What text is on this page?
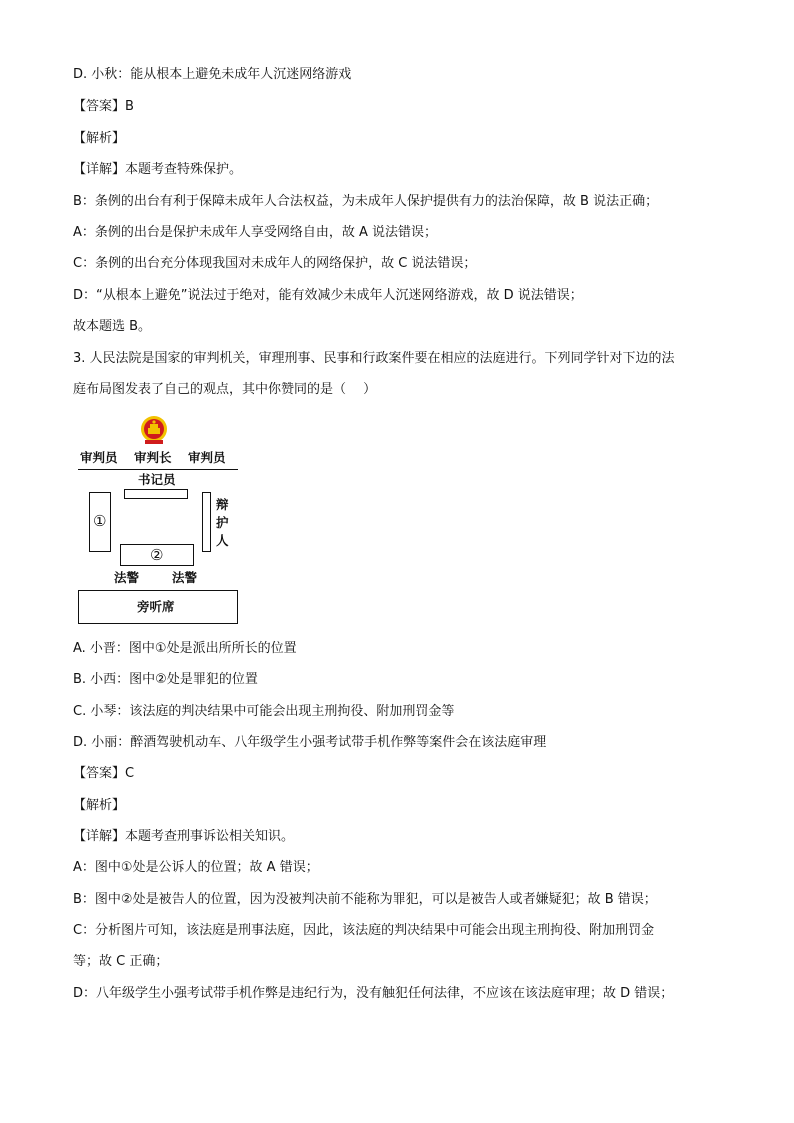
D. 小秋：能从根本上避免未成年人沉迷网络游戏
【答案】B
【解析】
【详解】本题考查特殊保护。
B：条例的出台有利于保障未成年人合法权益，为未成年人保护提供有力的法治保障，故 B 说法正确；
A：条例的出台是保护未成年人享受网络自由，故 A 说法错误；
C：条例的出台充分体现我国对未成年人的网络保护，故 C 说法错误；
D：“从根本上避免”说法过于绝对，能有效减少未成年人沉迷网络游戏，故 D 说法错误；
故本题选 B。
3. 人民法院是国家的审判机关，审理刑事、民事和行政案件要在相应的法庭进行。下列同学针对下边的法
庭布局图发表了自己的观点，其中你赞同的是（　 ）
审判员 审判长 审判员
书记员
①
辩护人
②
法警	法警
旁听席
A. 小晋：图中①处是派出所所长的位置
B. 小西：图中②处是罪犯的位置
C. 小琴：该法庭的判决结果中可能会出现主刑拘役、附加刑罚金等
D. 小丽：醉酒驾驶机动车、八年级学生小强考试带手机作弊等案件会在该法庭审理
【答案】C
【解析】
【详解】本题考查刑事诉讼相关知识。
A：图中①处是公诉人的位置；故 A 错误；
B：图中②处是被告人的位置，因为没被判决前不能称为罪犯，可以是被告人或者嫌疑犯；故 B 错误；
C：分析图片可知，该法庭是刑事法庭，因此，该法庭的判决结果中可能会出现主刑拘役、附加刑罚金
等；故 C 正确；
D：八年级学生小强考试带手机作弊是违纪行为，没有触犯任何法律，不应该在该法庭审理；故 D 错误；
